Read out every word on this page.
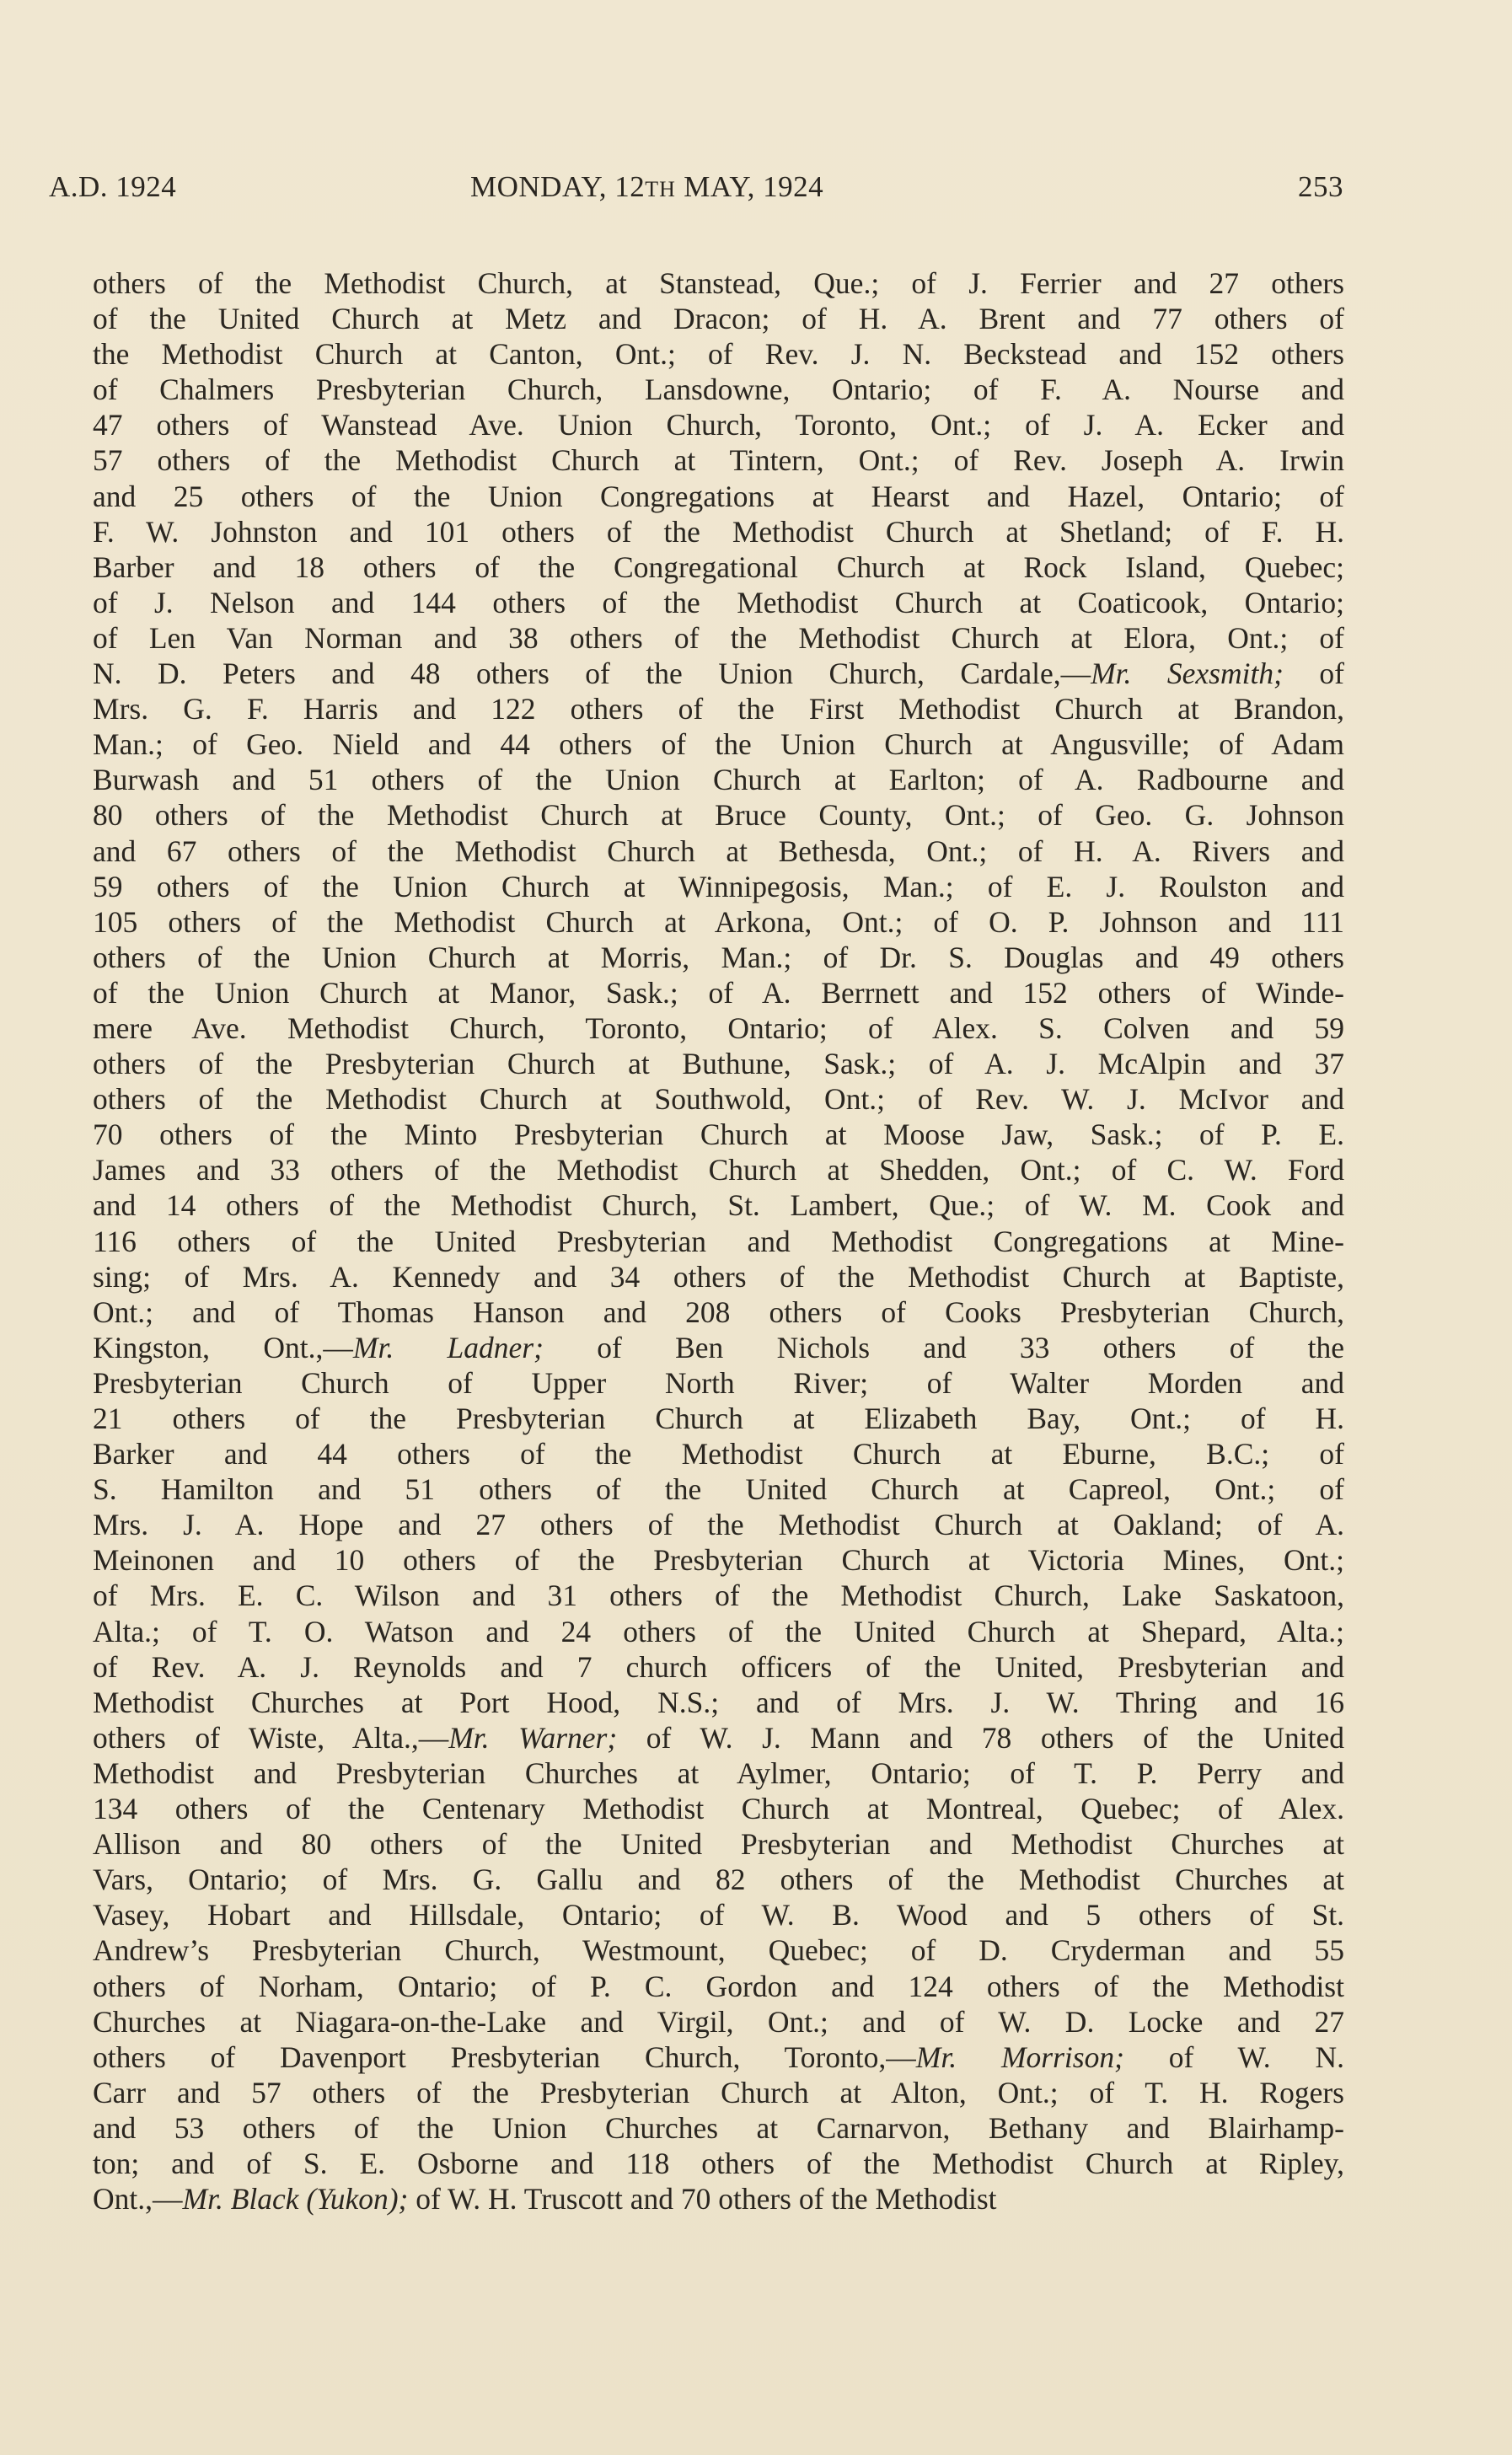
A.D. 1924	MONDAY, 12TH MAY, 1924	253
others of the Methodist Church, at Stanstead, Que.; of J. Ferrier and 27 others
of the United Church at Metz and Dracon; of H. A. Brent and 77 others of
the Methodist Church at Canton, Ont.; of Rev. J. N. Beckstead and 152 others
of Chalmers Presbyterian Church, Lansdowne, Ontario; of F. A. Nourse and
47 others of Wanstead Ave. Union Church, Toronto, Ont.; of J. A. Ecker and
57 others of the Methodist Church at Tintern, Ont.; of Rev. Joseph A. Irwin
and 25 others of the Union Congregations at Hearst and Hazel, Ontario; of
F. W. Johnston and 101 others of the Methodist Church at Shetland; of F. H.
Barber and 18 others of the Congregational Church at Rock Island, Quebec;
of J. Nelson and 144 others of the Methodist Church at Coaticook, Ontario;
of Len Van Norman and 38 others of the Methodist Church at Elora, Ont.; of
N. D. Peters and 48 others of the Union Church, Cardale,—Mr. Sexsmith; of
Mrs. G. F. Harris and 122 others of the First Methodist Church at Brandon,
Man.; of Geo. Nield and 44 others of the Union Church at Angusville; of Adam
Burwash and 51 others of the Union Church at Earlton; of A. Radbourne and
80 others of the Methodist Church at Bruce County, Ont.; of Geo. G. Johnson
and 67 others of the Methodist Church at Bethesda, Ont.; of H. A. Rivers and
59 others of the Union Church at Winnipegosis, Man.; of E. J. Roulston and
105 others of the Methodist Church at Arkona, Ont.; of O. P. Johnson and 111
others of the Union Church at Morris, Man.; of Dr. S. Douglas and 49 others
of the Union Church at Manor, Sask.; of A. Berrnett and 152 others of Winde-
mere Ave. Methodist Church, Toronto, Ontario; of Alex. S. Colven and 59
others of the Presbyterian Church at Buthune, Sask.; of A. J. McAlpin and 37
others of the Methodist Church at Southwold, Ont.; of Rev. W. J. McIvor and
70 others of the Minto Presbyterian Church at Moose Jaw, Sask.; of P. E.
James and 33 others of the Methodist Church at Shedden, Ont.; of C. W. Ford
and 14 others of the Methodist Church, St. Lambert, Que.; of W. M. Cook and
116 others of the United Presbyterian and Methodist Congregations at Mine-
sing; of Mrs. A. Kennedy and 34 others of the Methodist Church at Baptiste,
Ont.; and of Thomas Hanson and 208 others of Cooks Presbyterian Church,
Kingston, Ont.,—Mr. Ladner; of Ben Nichols and 33 others of the
Presbyterian Church of Upper North River; of Walter Morden and
21 others of the Presbyterian Church at Elizabeth Bay, Ont.; of H.
Barker and 44 others of the Methodist Church at Eburne, B.C.; of
S. Hamilton and 51 others of the United Church at Capreol, Ont.; of
Mrs. J. A. Hope and 27 others of the Methodist Church at Oakland; of A.
Meinonen and 10 others of the Presbyterian Church at Victoria Mines, Ont.;
of Mrs. E. C. Wilson and 31 others of the Methodist Church, Lake Saskatoon,
Alta.; of T. O. Watson and 24 others of the United Church at Shepard, Alta.;
of Rev. A. J. Reynolds and 7 church officers of the United, Presbyterian and
Methodist Churches at Port Hood, N.S.; and of Mrs. J. W. Thring and 16
others of Wiste, Alta.,—Mr. Warner; of W. J. Mann and 78 others of the United
Methodist and Presbyterian Churches at Aylmer, Ontario; of T. P. Perry and
134 others of the Centenary Methodist Church at Montreal, Quebec; of Alex.
Allison and 80 others of the United Presbyterian and Methodist Churches at
Vars, Ontario; of Mrs. G. Gallu and 82 others of the Methodist Churches at
Vasey, Hobart and Hillsdale, Ontario; of W. B. Wood and 5 others of St.
Andrew’s Presbyterian Church, Westmount, Quebec; of D. Cryderman and 55
others of Norham, Ontario; of P. C. Gordon and 124 others of the Methodist
Churches at Niagara-on-the-Lake and Virgil, Ont.; and of W. D. Locke and 27
others of Davenport Presbyterian Church, Toronto,—Mr. Morrison; of W. N.
Carr and 57 others of the Presbyterian Church at Alton, Ont.; of T. H. Rogers
and 53 others of the Union Churches at Carnarvon, Bethany and Blairhamp-
ton; and of S. E. Osborne and 118 others of the Methodist Church at Ripley,
Ont.,—Mr. Black (Yukon); of W. H. Truscott and 70 others of the Methodist
